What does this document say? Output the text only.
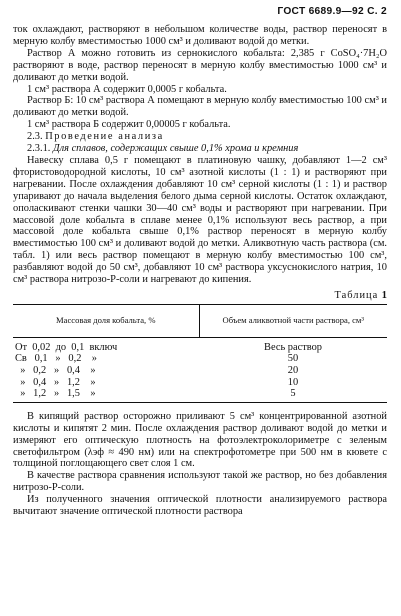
ГОСТ 6689.9—92 С. 2

ток охлаждают, растворяют в небольшом количестве воды, раствор переносят в мерную колбу вместимостью 1000 см³ и доливают водой до метки.

Раствор А можно готовить из сернокислого кобальта: 2,385 г CoSO₄·7H₂O растворяют в воде, раствор переносят в мерную колбу вместимостью 1000 см³ и доливают до метки водой.

1 см³ раствора А содержит 0,0005 г кобальта.

Раствор Б: 10 см³ раствора А помещают в мерную колбу вместимостью 100 см³ и доливают до метки водой.

1 см³ раствора Б содержит 0,00005 г кобальта.

2.3. Проведение анализа

2.3.1. Для сплавов, содержащих свыше 0,1% хрома и кремния

Навеску сплава 0,5 г помещают в платиновую чашку, добавляют 1—2 см³ фтористоводородной кислоты, 10 см³ азотной кислоты (1 : 1) и растворяют при нагревании. После охлаждения добавляют 10 см³ серной кислоты (1 : 1) и раствор упаривают до начала выделения белого дыма серной кислоты. Остаток охлаждают, ополаскивают стенки чашки 30—40 см³ воды и растворяют при нагревании. При массовой доле кобальта в сплаве менее 0,1% используют весь раствор, а при массовой доле кобальта свыше 0,1% раствор переносят в мерную колбу вместимостью 100 см³ и доливают водой до метки. Аликвотную часть раствора (см. табл. 1) или весь раствор помещают в мерную колбу вместимостью 100 см³, разбавляют водой до 50 см³, добавляют 10 см³ раствора уксуснокислого натрия, 10 см³ раствора нитрозо-Р-соли и нагревают до кипения.

Таблица 1
Массовая доля кобальта, %	Объем аликвотной части раствора, см³
От  0,02  до  0,1  включ	Весь раствор
Св   0,1   »   0,2    »	50
»   0,2   »   0,4    »	20
»   0,4   »   1,2    »	10
»   1,2   »   1,5    »	5

В кипящий раствор осторожно приливают 5 см³ концентрированной азотной кислоты и кипятят 2 мин. После охлаждения раствор доливают водой до метки и измеряют его оптическую плотность на фотоэлектроколориметре с зеленым светофильтром (λэф ≈ 490 нм) или на спектрофотометре при 500 нм в кювете с толщиной поглощающего свет слоя 1 см.

В качестве раствора сравнения используют такой же раствор, но без добавления нитрозо-Р-соли.

Из полученного значения оптической плотности анализируемого раствора вычитают значение оптической плотности раствора
